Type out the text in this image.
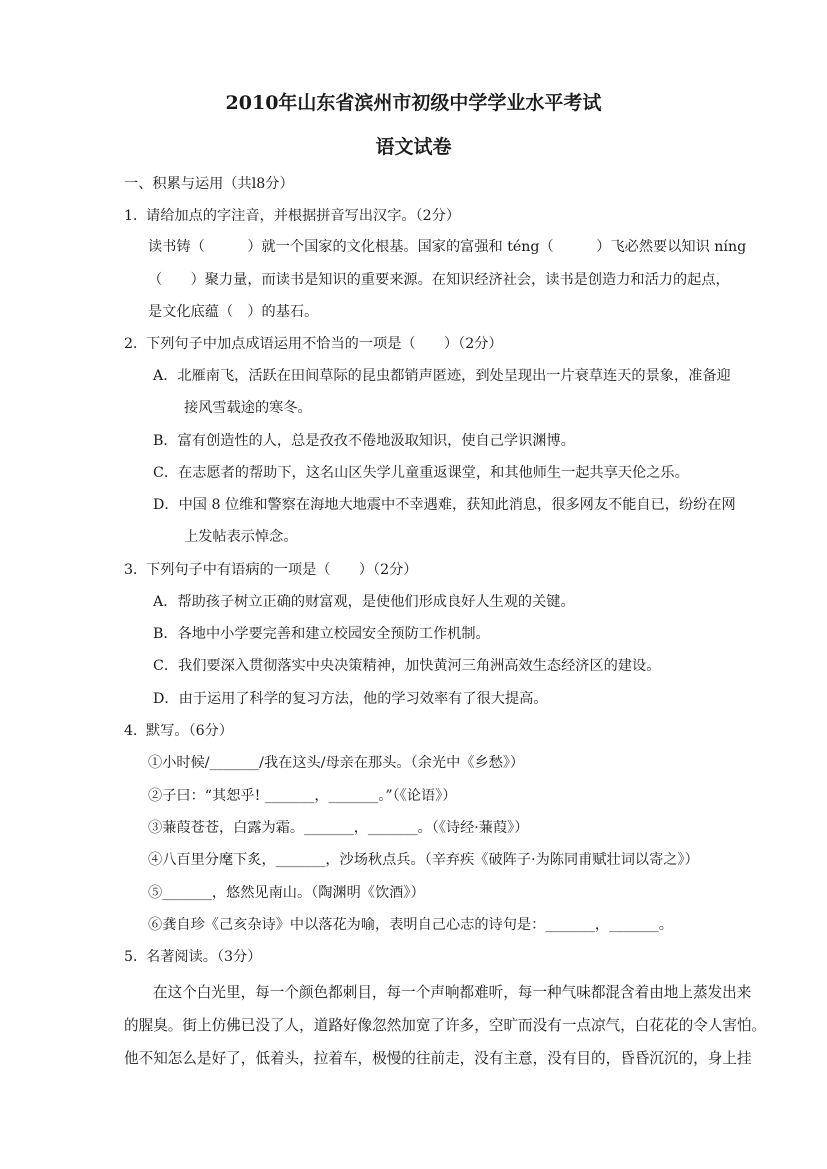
2010年山东省滨州市初级中学学业水平考试
语文试卷
一、积累与运用（共l8分）
1．请给加点的字注音，并根据拼音写出汉字。（2分）
读书铸（　　　）就一个国家的文化根基。国家的富强和 téng（　　　）飞必然要以知识 níng
（　　）聚力量，而读书是知识的重要来源。在知识经济社会，读书是创造力和活力的起点，
是文化底蕴（　）的基石。
2．下列句子中加点成语运用不恰当的一项是（　　）（2分）
A．北雁南飞，活跃在田间草际的昆虫都销声匿迹，到处呈现出一片衰草连天的景象，准备迎
接风雪载途的寒冬。
B．富有创造性的人，总是孜孜不倦地汲取知识，使自己学识渊博。
C．在志愿者的帮助下，这名山区失学儿童重返课堂，和其他师生一起共享天伦之乐。
D．中国 8 位维和警察在海地大地震中不幸遇难，获知此消息，很多网友不能自已，纷纷在网
上发帖表示悼念。
3．下列句子中有语病的一项是（　　）（2分）
A．帮助孩子树立正确的财富观，是使他们形成良好人生观的关键。
B．各地中小学要完善和建立校园安全预防工作机制。
C．我们要深入贯彻落实中央决策精神，加快黄河三角洲高效生态经济区的建设。
D．由于运用了科学的复习方法，他的学习效率有了很大提高。
4．默写。（6分）
①小时候/_______/我在这头/母亲在那头。（余光中《乡愁》）
②子曰：“其恕乎! _______，_______。”（《论语》）
③蒹葭苍苍，白露为霜。_______，_______。（《诗经·蒹葭》）
④八百里分麾下炙，_______，沙场秋点兵。（辛弃疾《破阵子·为陈同甫赋壮词以寄之》）
⑤_______，悠然见南山。（陶渊明《饮酒》）
⑥龚自珍《己亥杂诗》中以落花为喻，表明自己心志的诗句是：_______，_______。
5．名著阅读。（3分）
在这个白光里，每一个颜色都刺目，每一个声响都难听，每一种气味都混含着由地上蒸发出来
的腥臭。街上仿佛已没了人，道路好像忽然加宽了许多，空旷而没有一点凉气，白花花的令人害怕。
他不知怎么是好了，低着头，拉着车，极慢的往前走，没有主意，没有目的，昏昏沉沉的，身上挂
